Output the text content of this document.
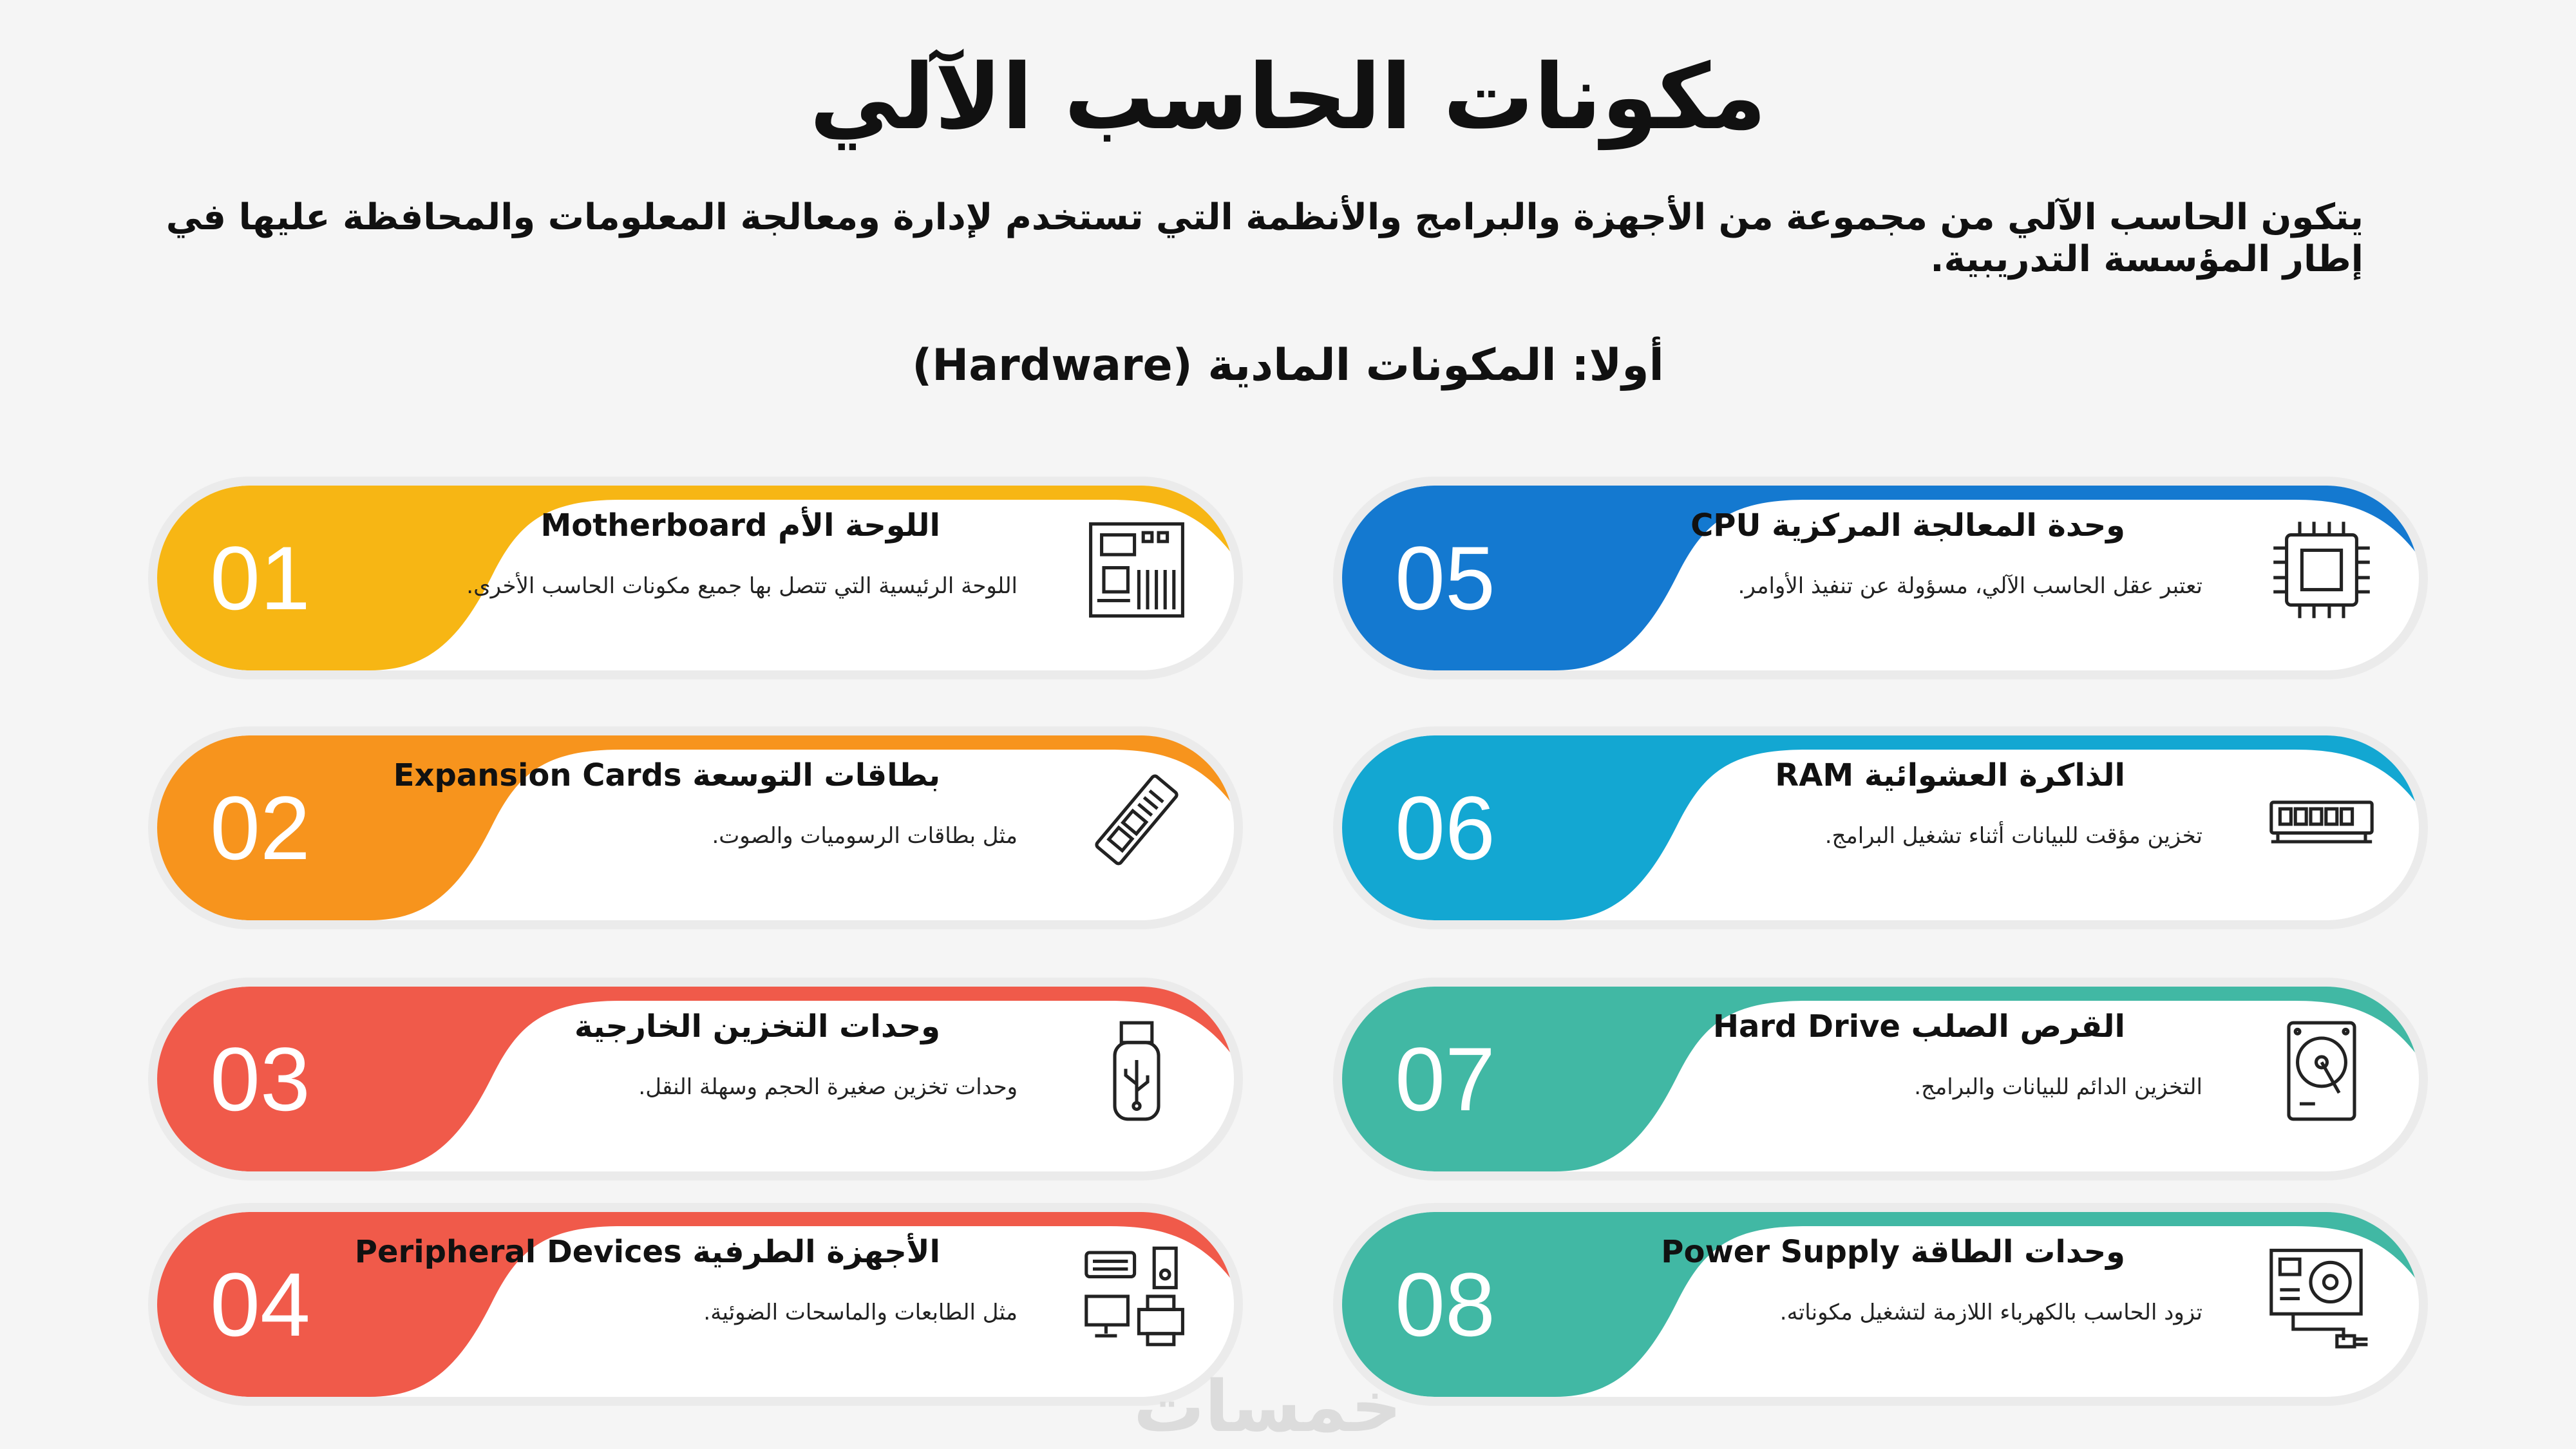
مكونات الحاسب الآلي
يتكون الحاسب الآلي من مجموعة من الأجهزة والبرامج والأنظمة التي تستخدم لإدارة ومعالجة المعلومات والمحافظة عليها في إطار المؤسسة التدريبية.
أولا: المكونات المادية (Hardware)
01
اللوحة الأم Motherboard
اللوحة الرئيسية التي تتصل بها جميع مكونات الحاسب الأخرى.
02
بطاقات التوسعة Expansion Cards
مثل بطاقات الرسوميات والصوت.
03
وحدات التخزين الخارجية
وحدات تخزين صغيرة الحجم وسهلة النقل.
04
الأجهزة الطرفية Peripheral Devices
مثل الطابعات والماسحات الضوئية.
05
وحدة المعالجة المركزية CPU
تعتبر عقل الحاسب الآلي، مسؤولة عن تنفيذ الأوامر.
06
الذاكرة العشوائية RAM
تخزين مؤقت للبيانات أثناء تشغيل البرامج.
07
القرص الصلب Hard Drive
التخزين الدائم للبيانات والبرامج.
08
وحدات الطاقة Power Supply
تزود الحاسب بالكهرباء اللازمة لتشغيل مكوناته.
خمسات
